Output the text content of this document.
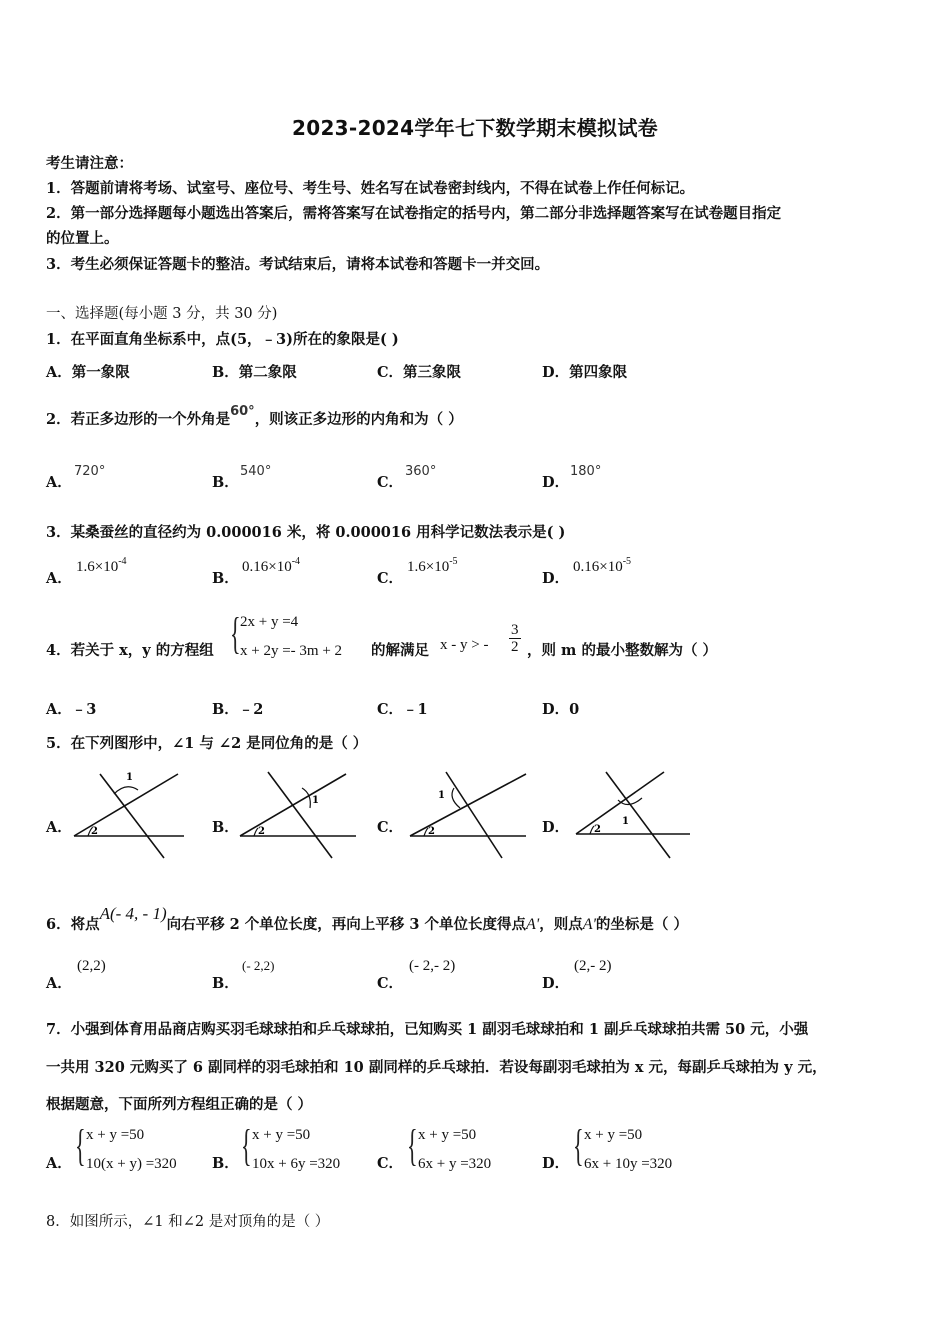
2023-2024学年七下数学期末模拟试卷
考生请注意：
1．答题前请将考场、试室号、座位号、考生号、姓名写在试卷密封线内，不得在试卷上作任何标记。
2．第一部分选择题每小题选出答案后，需将答案写在试卷指定的括号内，第二部分非选择题答案写在试卷题目指定
的位置上。
3．考生必须保证答题卡的整洁。考试结束后，请将本试卷和答题卡一并交回。
一、选择题(每小题 3 分，共 30 分)
1．在平面直角坐标系中，点(5，﹣3)所在的象限是( )
A．第一象限	B．第二象限	C．第三象限	D．第四象限
2．若正多边形的一个外角是60°，则该正多边形的内角和为（ ）
A．
720°
B．
540°
C．
360°
D．
180°
3．某桑蚕丝的直径约为 0.000016 米，将 0.000016 用科学记数法表示是( )
A．
$1.6\times 10^{-4}$
B．
$0.16\times 10^{-4}$
C．
$1.6\times 10^{-5}$
D．
$0.16\times 10^{-5}$
4．若关于 x，y 的方程组 { 2x + y =4
x + 2y =- 3m + 2 的解满足 x - y > - $\frac{3}{2}$ ，则 m 的最小整数解为（ ）
A．﹣3	B．﹣2	C．﹣1	D．0
5．在下列图形中，∠1 与 ∠2 是同位角的是（ ）
A．	B．	C．	D．
1
2
1
2
1
2
1
2
6．将点A(- 4, - 1)向右平移 2 个单位长度，再向上平移 3 个单位长度得点A'，则点A'的坐标是（ ）
A．
(2,2)
B．
(- 2,2)
C．
(- 2,- 2)
D．
(2,- 2)
7．小强到体育用品商店购买羽毛球球拍和乒乓球球拍，已知购买 1 副羽毛球球拍和 1 副乒乓球球拍共需 50 元，小强
一共用 320 元购买了 6 副同样的羽毛球拍和 10 副同样的乒乓球拍．若设每副羽毛球拍为 x 元，每副乒乓球拍为 y 元，
根据题意，下面所列方程组正确的是（ ）
A． { x + y =50
10(x + y) =320 B． { x + y =50
10x + 6y =320	C． { x + y =50
6x + y =320	D． { x + y =50
6x + 10y =320
8．如图所示，∠1 和∠2 是对顶角的是（ ）
